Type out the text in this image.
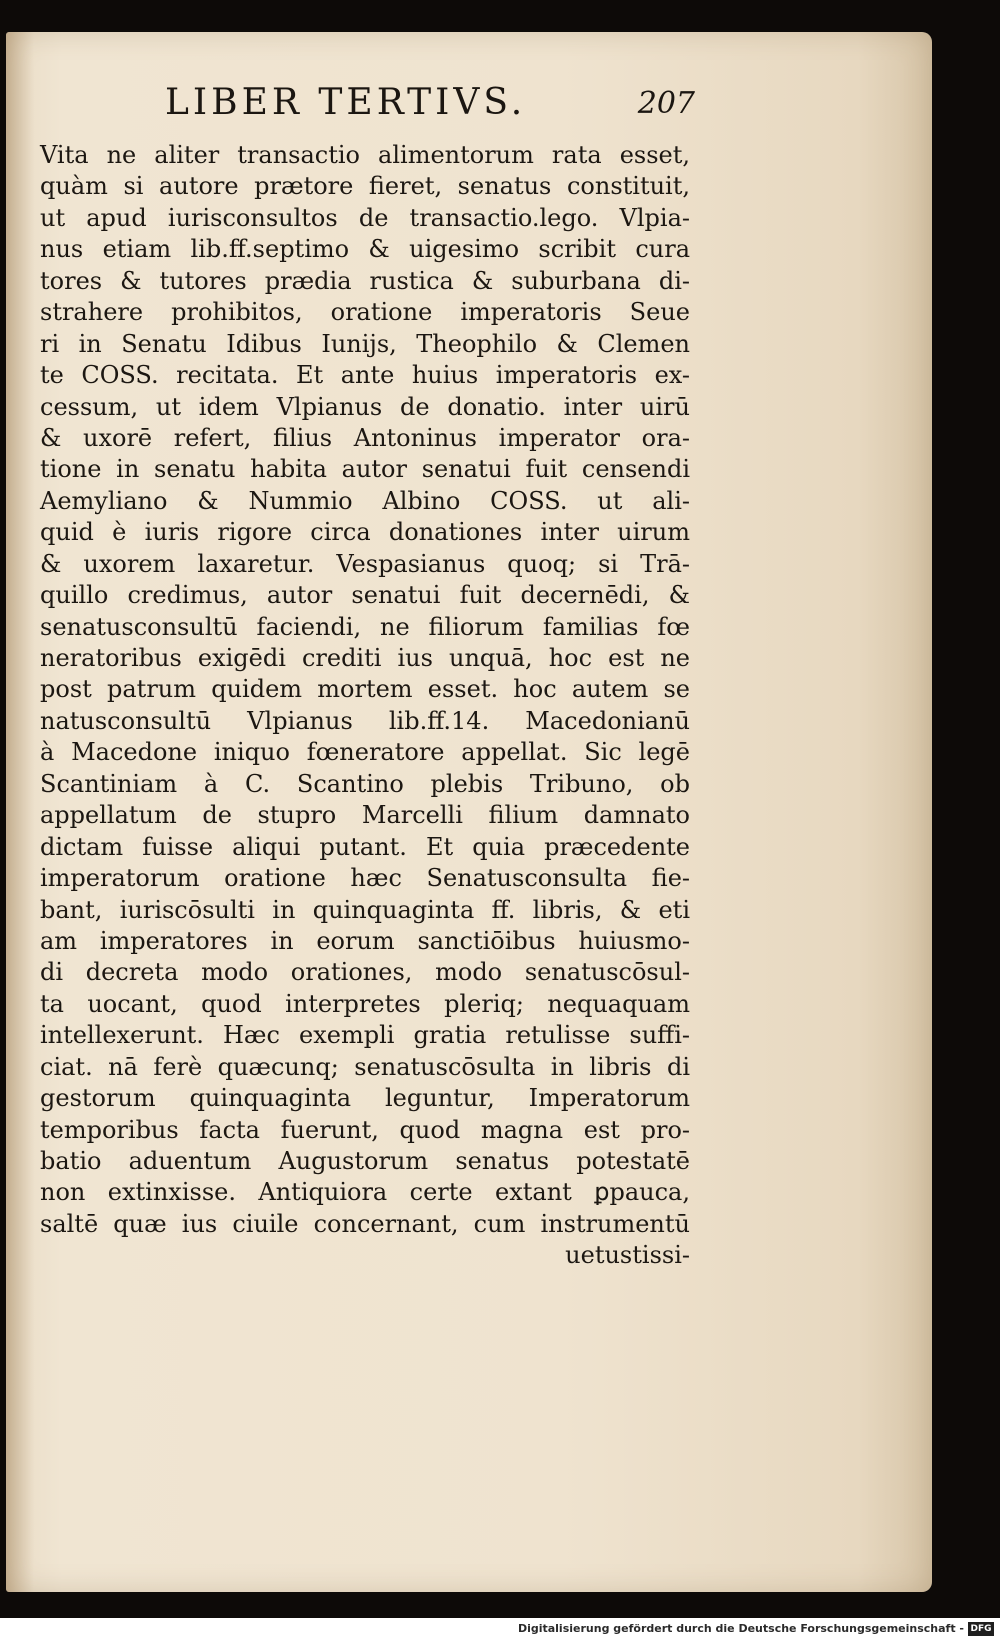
LIBER TERTIVS.	207
Vita ne aliter transactio alimentorum rata esset,
quàm si autore prætore fieret, senatus constituit,
ut apud iurisconsultos de transactio.lego. Vlpia-
nus etiam lib.ff.septimo & uigesimo scribit cura
tores & tutores prædia rustica & suburbana di-
strahere prohibitos, oratione imperatoris Seue
ri in Senatu Idibus Iunijs, Theophilo & Clemen
te COSS. recitata. Et ante huius imperatoris ex-
cessum, ut idem Vlpianus de donatio. inter uirū
& uxorē refert, filius Antoninus imperator ora-
tione in senatu habita autor senatui fuit censendi
Aemyliano & Nummio Albino COSS. ut ali-
quid è iuris rigore circa donationes inter uirum
& uxorem laxaretur. Vespasianus quoq; si Trā-
quillo credimus, autor senatui fuit decernēdi, &
senatusconsultū faciendi, ne filiorum familias fœ
neratoribus exigēdi crediti ius unquā, hoc est ne
post patrum quidem mortem esset. hoc autem se
natusconsultū Vlpianus lib.ff.14. Macedonianū
à Macedone iniquo fœneratore appellat. Sic legē
Scantiniam à C. Scantino plebis Tribuno, ob
appellatum de stupro Marcelli filium damnato
dictam fuisse aliqui putant. Et quia præcedente
imperatorum oratione hæc Senatusconsulta fie-
bant, iuriscōsulti in quinquaginta ff. libris, & eti
am imperatores in eorum sanctiōibus huiusmo-
di decreta modo orationes, modo senatuscōsul-
ta uocant, quod interpretes pleriq; nequaquam
intellexerunt. Hæc exempli gratia retulisse suffi-
ciat. nā ferè quæcunq; senatuscōsulta in libris di
gestorum quinquaginta leguntur, Imperatorum
temporibus facta fuerunt, quod magna est pro-
batio aduentum Augustorum senatus potestatē
non extinxisse. Antiquiora certe extant ꝑpauca,
saltē quæ ius ciuile concernant, cum instrumentū
uetustissi-
Digitalisierung gefördert durch die Deutsche Forschungsgemeinschaft - DFG
